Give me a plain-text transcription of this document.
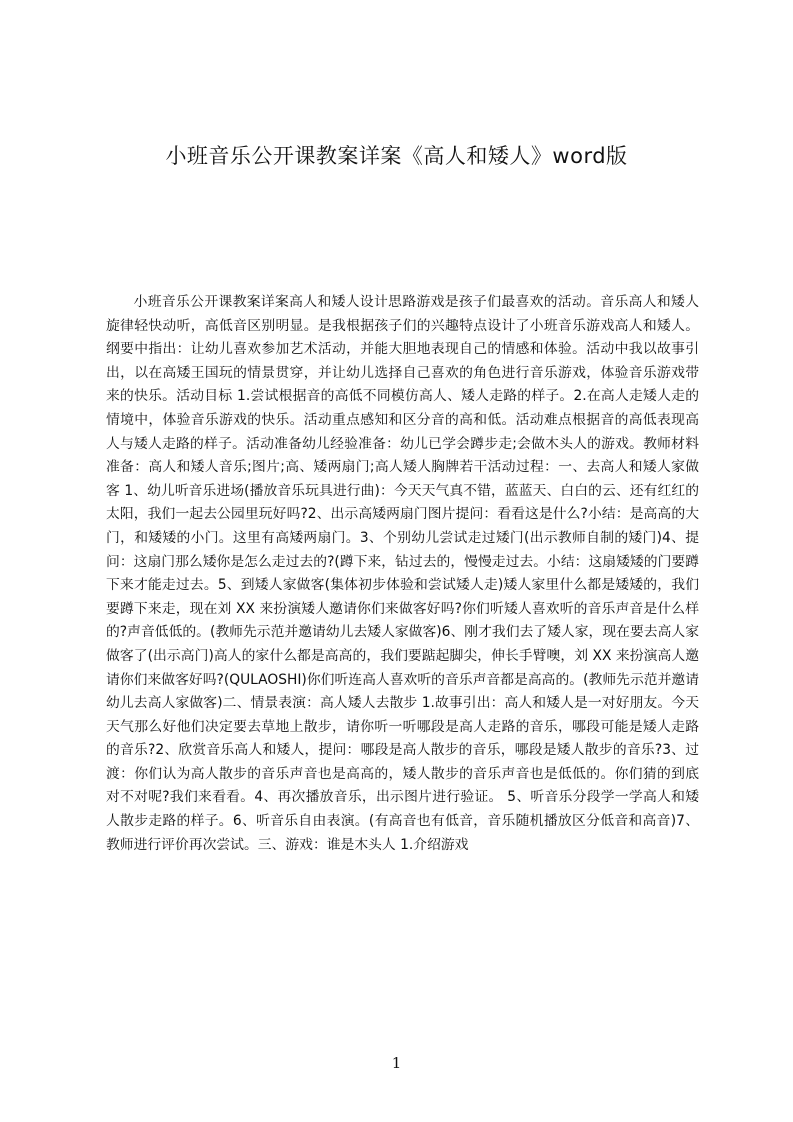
小班音乐公开课教案详案《高人和矮人》word版

小班音乐公开课教案详案高人和矮人设计思路游戏是孩子们最喜欢的活动。音乐高人和矮人旋律轻快动听，高低音区别明显。是我根据孩子们的兴趣特点设计了小班音乐游戏高人和矮人。纲要中指出：让幼儿喜欢参加艺术活动，并能大胆地表现自己的情感和体验。活动中我以故事引出，以在高矮王国玩的情景贯穿，并让幼儿选择自己喜欢的角色进行音乐游戏，体验音乐游戏带来的快乐。活动目标 1.尝试根据音的高低不同模仿高人、矮人走路的样子。2.在高人走矮人走的情境中，体验音乐游戏的快乐。活动重点感知和区分音的高和低。活动难点根据音的高低表现高人与矮人走路的样子。活动准备幼儿经验准备：幼儿已学会蹲步走;会做木头人的游戏。教师材料准备：高人和矮人音乐;图片;高、矮两扇门;高人矮人胸牌若干活动过程：一、去高人和矮人家做客 1、幼儿听音乐进场(播放音乐玩具进行曲)：今天天气真不错，蓝蓝天、白白的云、还有红红的太阳，我们一起去公园里玩好吗?2、出示高矮两扇门图片提问：看看这是什么?小结：是高高的大门，和矮矮的小门。这里有高矮两扇门。3、个别幼儿尝试走过矮门(出示教师自制的矮门)4、提问：这扇门那么矮你是怎么走过去的?(蹲下来，钻过去的，慢慢走过去。小结：这扇矮矮的门要蹲下来才能走过去。5、到矮人家做客(集体初步体验和尝试矮人走)矮人家里什么都是矮矮的，我们要蹲下来走，现在刘 XX 来扮演矮人邀请你们来做客好吗?你们听矮人喜欢听的音乐声音是什么样的?声音低低的。(教师先示范并邀请幼儿去矮人家做客)6、刚才我们去了矮人家，现在要去高人家做客了(出示高门)高人的家什么都是高高的，我们要踮起脚尖，伸长手臂噢，刘 XX 来扮演高人邀请你们来做客好吗?(QULAOSHI)你们听连高人喜欢听的音乐声音都是高高的。(教师先示范并邀请幼儿去高人家做客)二、情景表演：高人矮人去散步 1.故事引出：高人和矮人是一对好朋友。今天天气那么好他们决定要去草地上散步，请你听一听哪段是高人走路的音乐，哪段可能是矮人走路的音乐?2、欣赏音乐高人和矮人，提问：哪段是高人散步的音乐，哪段是矮人散步的音乐?3、过渡：你们认为高人散步的音乐声音也是高高的，矮人散步的音乐声音也是低低的。你们猜的到底对不对呢?我们来看看。4、再次播放音乐，出示图片进行验证。 5、听音乐分段学一学高人和矮人散步走路的样子。6、听音乐自由表演。(有高音也有低音，音乐随机播放区分低音和高音)7、教师进行评价再次尝试。三、游戏：谁是木头人 1.介绍游戏

1
